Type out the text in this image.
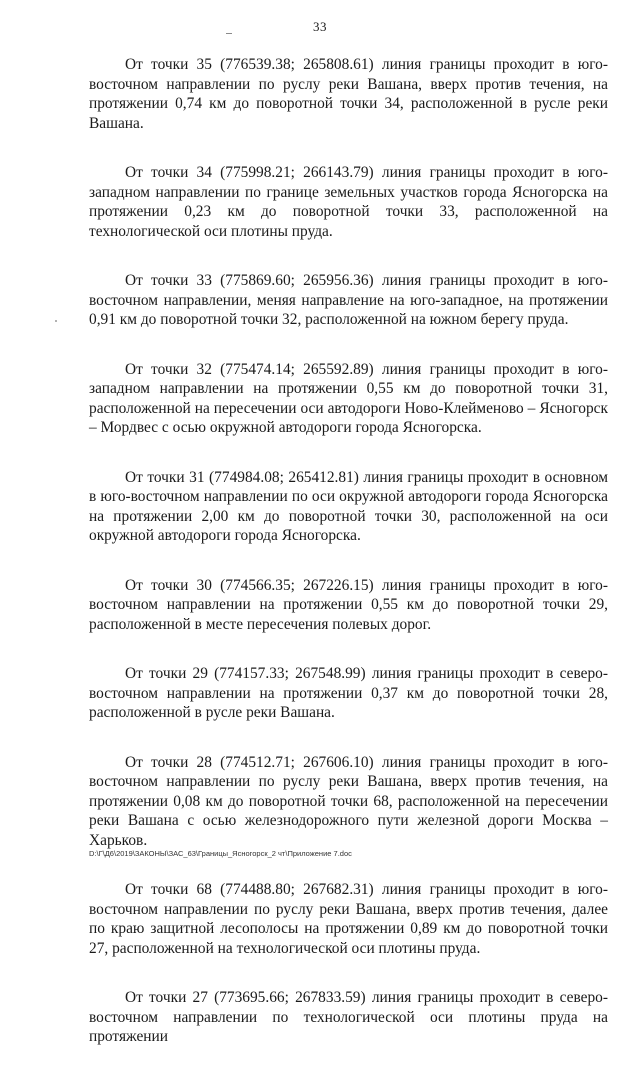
33

От точки 35 (776539.38; 265808.61) линия границы проходит в юго-восточном направлении по руслу реки Вашана, вверх против течения, на протяжении 0,74 км до поворотной точки 34, расположенной в русле реки Вашана.

От точки 34 (775998.21; 266143.79) линия границы проходит в юго-западном направлении по границе земельных участков города Ясногорска на протяжении 0,23 км до поворотной точки 33, расположенной на технологической оси плотины пруда.

От точки 33 (775869.60; 265956.36) линия границы проходит в юго-восточном направлении, меняя направление на юго-западное, на протяжении 0,91 км до поворотной точки 32, расположенной на южном берегу пруда.

От точки 32 (775474.14; 265592.89) линия границы проходит в юго-западном направлении на протяжении 0,55 км до поворотной точки 31, расположенной на пересечении оси автодороги Ново-Клейменово – Ясногорск – Мордвес с осью окружной автодороги города Ясногорска.

От точки 31 (774984.08; 265412.81) линия границы проходит в основном в юго-восточном направлении по оси окружной автодороги города Ясногорска на протяжении 2,00 км до поворотной точки 30, расположенной на оси окружной автодороги города Ясногорска.

От точки 30 (774566.35; 267226.15) линия границы проходит в юго-восточном направлении на протяжении 0,55 км до поворотной точки 29, расположенной в месте пересечения полевых дорог.

От точки 29 (774157.33; 267548.99) линия границы проходит в северо-восточном направлении на протяжении 0,37 км до поворотной точки 28, расположенной в русле реки Вашана.

От точки 28 (774512.71; 267606.10) линия границы проходит в юго-восточном направлении по руслу реки Вашана, вверх против течения, на протяжении 0,08 км до поворотной точки 68, расположенной на пересечении реки Вашана с осью железнодорожного пути железной дороги Москва – Харьков.

От точки 68 (774488.80; 267682.31) линия границы проходит в юго-восточном направлении по руслу реки Вашана, вверх против течения, далее по краю защитной лесополосы на протяжении 0,89 км до поворотной точки 27, расположенной на технологической оси плотины пруда.

От точки 27 (773695.66; 267833.59) линия границы проходит в северо-восточном направлении по технологической оси плотины пруда на протяжении

D:\Г\Д6\2019\ЗАКОНЫ\ЗАС_63\Границы_Ясногорск_2 чт\Приложение 7.doc
